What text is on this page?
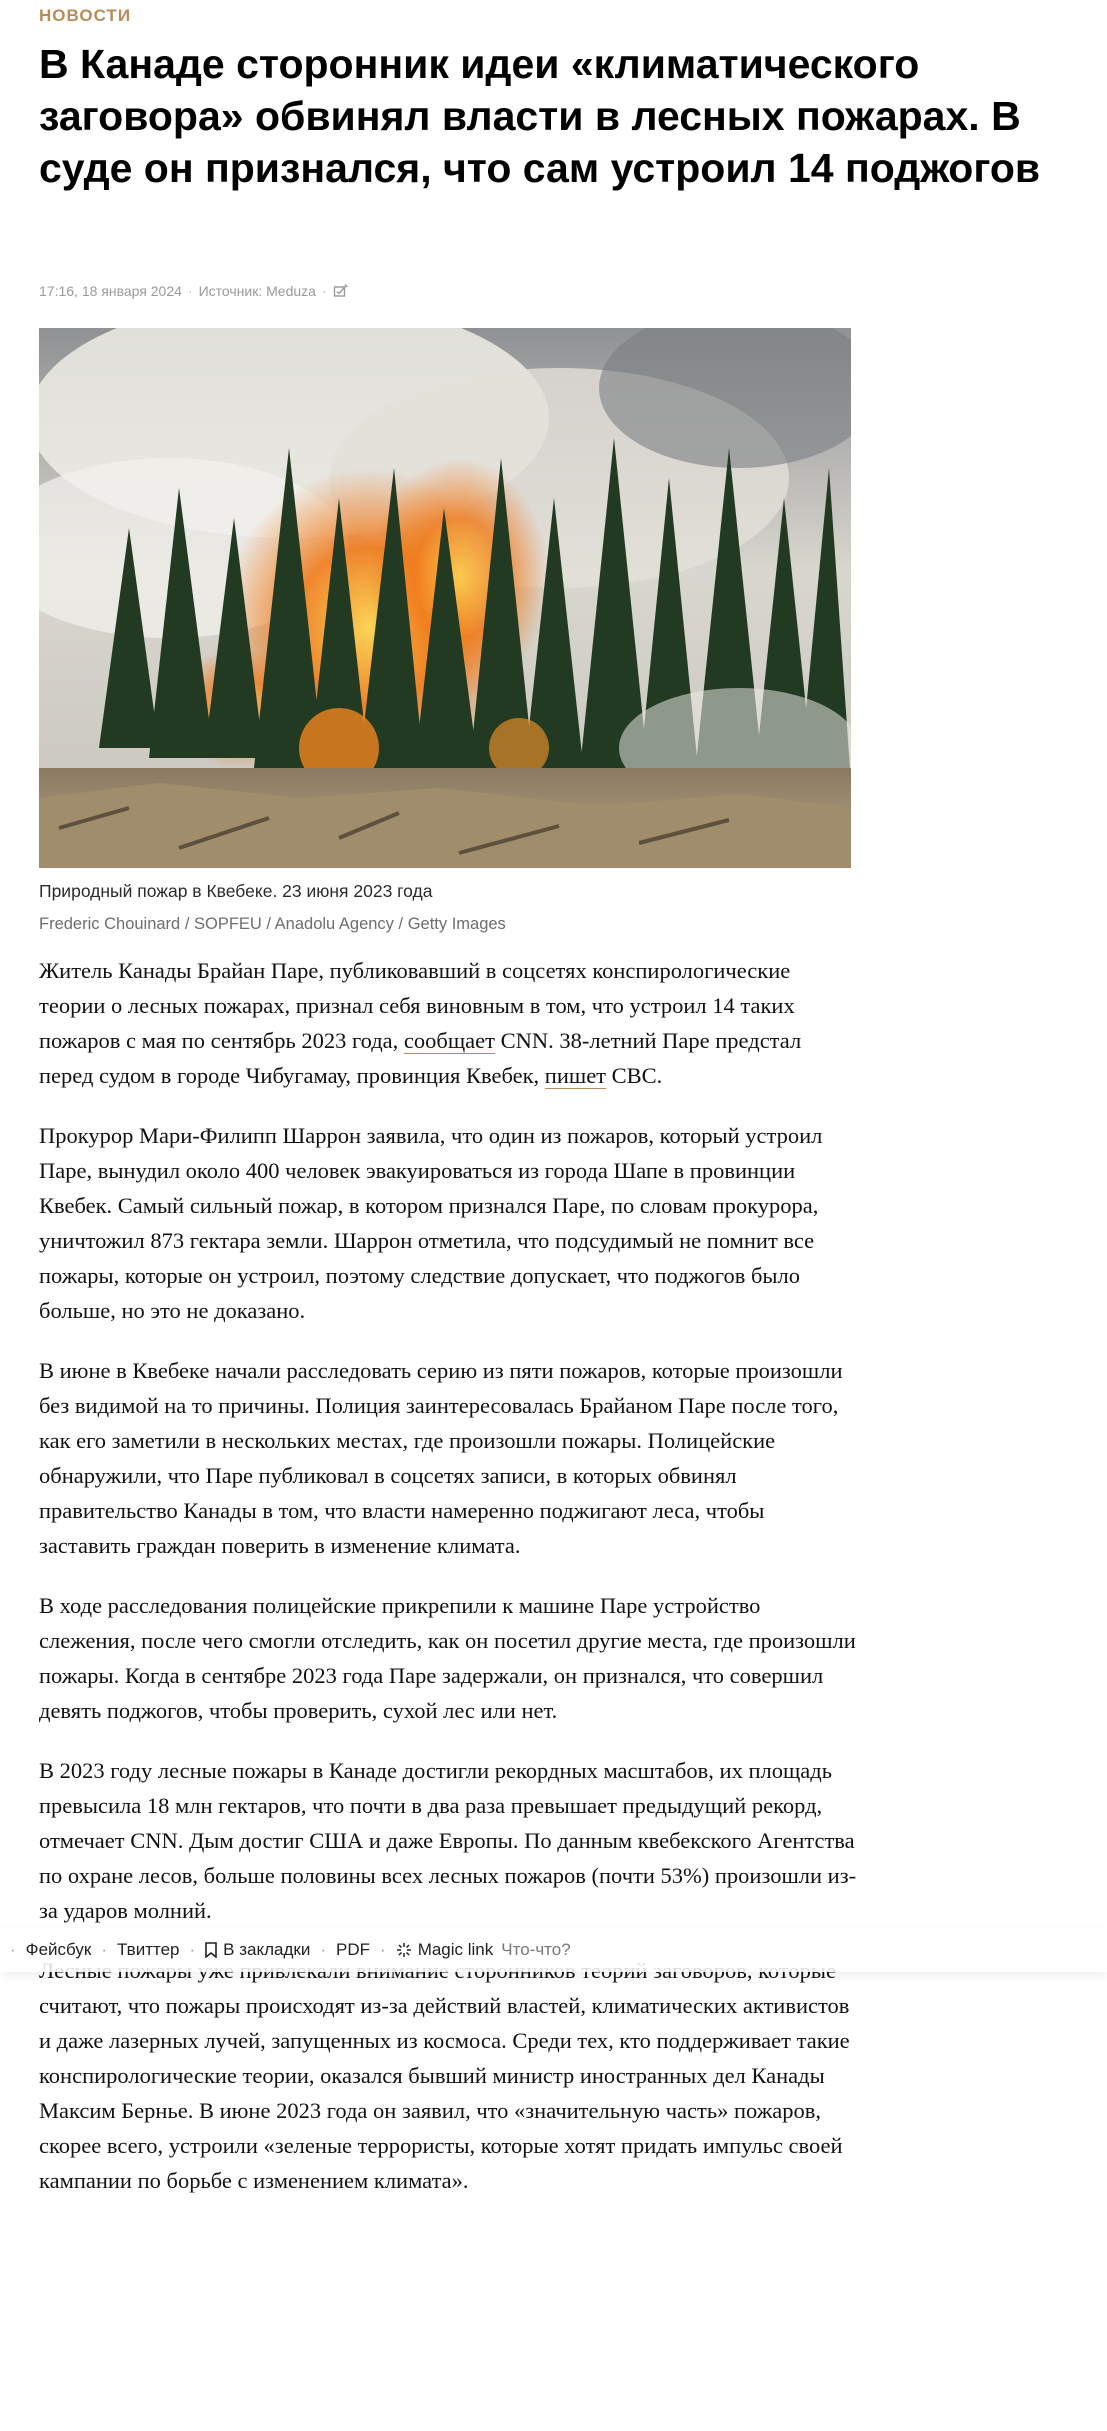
НОВОСТИ
В Канаде сторонник идеи «климатического заговора» обвинял власти в лесных пожарах. В суде он признался, что сам устроил 14 поджогов
17:16, 18 января 2024 · Источник: Meduza ·
Природный пожар в Квебеке. 23 июня 2023 года
Frederic Chouinard / SOPFEU / Anadolu Agency / Getty Images

Житель Канады Брайан Паре, публиковавший в соцсетях конспирологические теории о лесных пожарах, признал себя виновным в том, что устроил 14 таких пожаров с мая по сентябрь 2023 года, сообщает CNN. 38-летний Паре предстал перед судом в городе Чибугамау, провинция Квебек, пишет CBC.

Прокурор Мари-Филипп Шаррон заявила, что один из пожаров, который устроил Паре, вынудил около 400 человек эвакуироваться из города Шапе в провинции Квебек. Самый сильный пожар, в котором признался Паре, по словам прокурора, уничтожил 873 гектара земли. Шаррон отметила, что подсудимый не помнит все пожары, которые он устроил, поэтому следствие допускает, что поджогов было больше, но это не доказано.

В июне в Квебеке начали расследовать серию из пяти пожаров, которые произошли без видимой на то причины. Полиция заинтересовалась Брайаном Паре после того, как его заметили в нескольких местах, где произошли пожары. Полицейские обнаружили, что Паре публиковал в соцсетях записи, в которых обвинял правительство Канады в том, что власти намеренно поджигают леса, чтобы заставить граждан поверить в изменение климата.

В ходе расследования полицейские прикрепили к машине Паре устройство слежения, после чего смогли отследить, как он посетил другие места, где произошли пожары. Когда в сентябре 2023 года Паре задержали, он признался, что совершил девять поджогов, чтобы проверить, сухой лес или нет.

В 2023 году лесные пожары в Канаде достигли рекордных масштабов, их площадь превысила 18 млн гектаров, что почти в два раза превышает предыдущий рекорд, отмечает CNN. Дым достиг США и даже Европы. По данным квебекского Агентства по охране лесов, больше половины всех лесных пожаров (почти 53%) произошли из-за ударов молний.

считают, что пожары происходят из-за действий властей, климатических активистов и даже лазерных лучей, запущенных из космоса. Среди тех, кто поддерживает такие конспирологические теории, оказался бывший министр иностранных дел Канады Максим Бернье. В июне 2023 года он заявил, что «значительную часть» пожаров, скорее всего, устроили «зеленые террористы, которые хотят придать импульс своей кампании по борьбе с изменением климата».

· Фейсбук · Твиттер · В закладки · PDF · Magic link Что-что?
